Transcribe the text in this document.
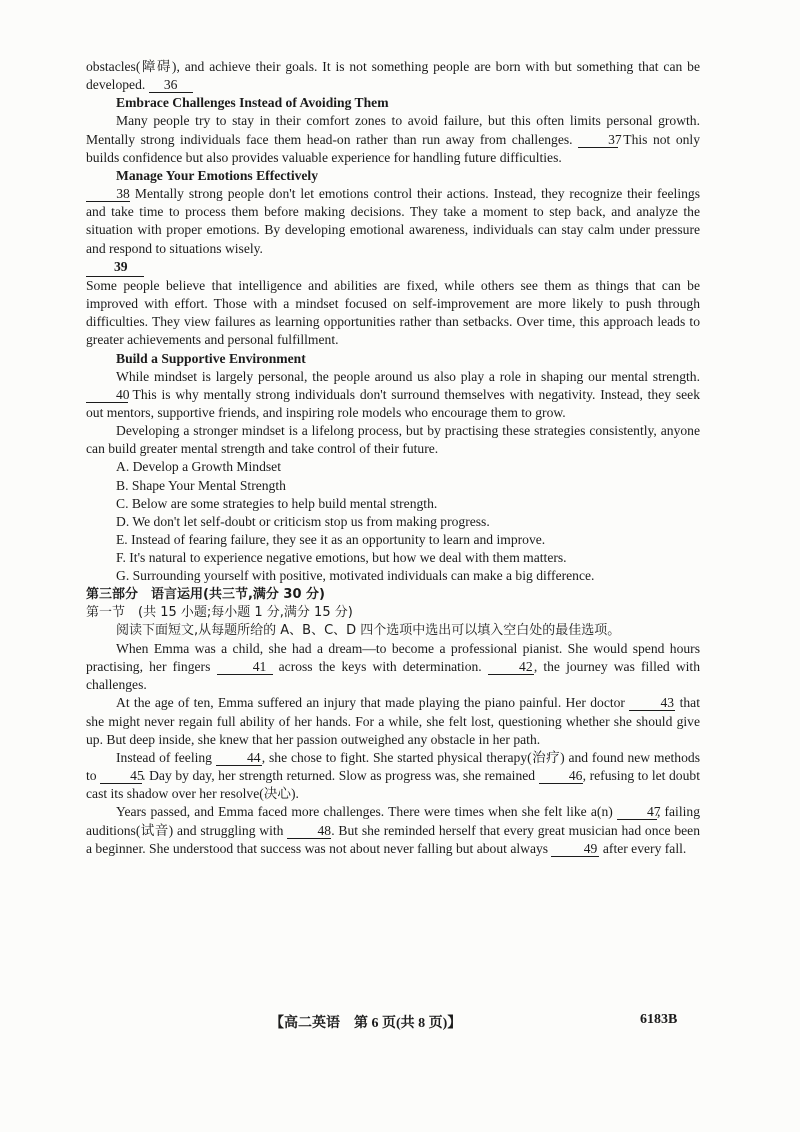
obstacles(障碍), and achieve their goals. It is not something people are born with but something that can be developed. 36

Embrace Challenges Instead of Avoiding Them

Many people try to stay in their comfort zones to avoid failure, but this often limits personal growth. Mentally strong individuals face them head-on rather than run away from challenges. 37 This not only builds confidence but also provides valuable experience for handling future difficulties.

Manage Your Emotions Effectively

38 Mentally strong people don't let emotions control their actions. Instead, they recognize their feelings and take time to process them before making decisions. They take a moment to step back, and analyze the situation with proper emotions. By developing emotional awareness, individuals can stay calm under pressure and respond to situations wisely.

39

Some people believe that intelligence and abilities are fixed, while others see them as things that can be improved with effort. Those with a mindset focused on self-improvement are more likely to push through difficulties. They view failures as learning opportunities rather than setbacks. Over time, this approach leads to greater achievements and personal fulfillment.

Build a Supportive Environment

While mindset is largely personal, the people around us also play a role in shaping our mental strength. 40 This is why mentally strong individuals don't surround themselves with negativity. Instead, they seek out mentors, supportive friends, and inspiring role models who encourage them to grow.

Developing a stronger mindset is a lifelong process, but by practising these strategies consistently, anyone can build greater mental strength and take control of their future.

A. Develop a Growth Mindset

B. Shape Your Mental Strength

C. Below are some strategies to help build mental strength.

D. We don't let self-doubt or criticism stop us from making progress.

E. Instead of fearing failure, they see it as an opportunity to learn and improve.

F. It's natural to experience negative emotions, but how we deal with them matters.

G. Surrounding yourself with positive, motivated individuals can make a big difference.

第三部分　语言运用(共三节,满分 30 分)

第一节　(共 15 小题;每小题 1 分,满分 15 分)

阅读下面短文,从每题所给的 A、B、C、D 四个选项中选出可以填入空白处的最佳选项。

When Emma was a child, she had a dream—to become a professional pianist. She would spend hours practising, her fingers	41 across the keys with determination. 42, the journey was filled with challenges.

At the age of ten, Emma suffered an injury that made playing the piano painful. Her doctor 43 that she might never regain full ability of her hands. For a while, she felt lost, questioning whether she should give up. But deep inside, she knew that her passion outweighed any obstacle in her path.

Instead of feeling 44, she chose to fight. She started physical therapy(治疗) and found new methods to 45. Day by day, her strength returned. Slow as progress was, she remained 46, refusing to let doubt cast its shadow over her resolve(决心).

Years passed, and Emma faced more challenges. There were times when she felt like a(n) 47, failing auditions(试音) and struggling with 48. But she reminded herself that every great musician had once been a beginner. She understood that success was not about never falling but about always 49 after every fall.

【高二英语　第 6 页(共 8 页)】	6183B
